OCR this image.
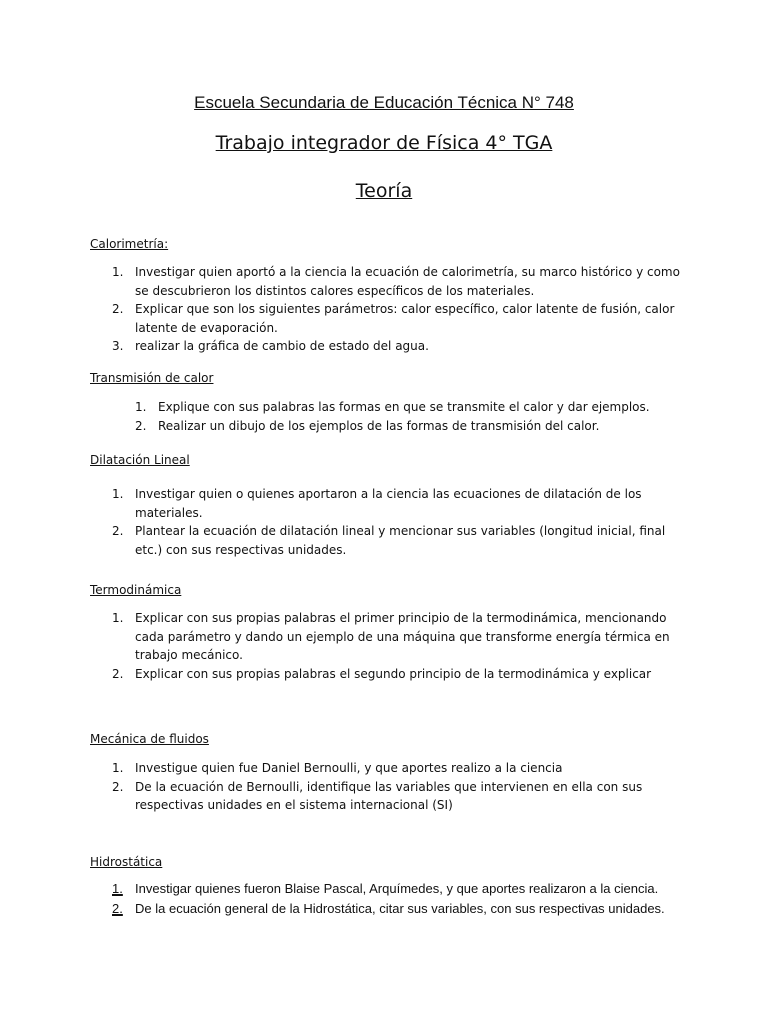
Escuela Secundaria de Educación Técnica N° 748
Trabajo integrador de Física 4° TGA
Teoría

Calorimetría:

1. Investigar quien aportó a la ciencia la ecuación de calorimetría, su marco histórico y como se descubrieron los distintos calores específicos de los materiales.
2. Explicar que son los siguientes parámetros: calor específico, calor latente de fusión, calor latente de evaporación.
3. realizar la gráfica de cambio de estado del agua.

Transmisión de calor

1. Explique con sus palabras las formas en que se transmite el calor y dar ejemplos.
2. Realizar un dibujo de los ejemplos de las formas de transmisión del calor.

Dilatación Lineal

1. Investigar quien o quienes aportaron a la ciencia las ecuaciones de dilatación de los materiales.
2. Plantear la ecuación de dilatación lineal y mencionar sus variables (longitud inicial, final etc.) con sus respectivas unidades.

Termodinámica

1. Explicar con sus propias palabras el primer principio de la termodinámica, mencionando cada parámetro y dando un ejemplo de una máquina que transforme energía térmica en trabajo mecánico.
2. Explicar con sus propias palabras el segundo principio de la termodinámica y explicar

Mecánica de fluidos

1. Investigue quien fue Daniel Bernoulli, y que aportes realizo a la ciencia
2. De la ecuación de Bernoulli, identifique las variables que intervienen en ella con sus respectivas unidades en el sistema internacional (SI)

Hidrostática

1. Investigar quienes fueron Blaise Pascal, Arquímedes, y que aportes realizaron a la ciencia.
2. De la ecuación general de la Hidrostática, citar sus variables, con sus respectivas unidades.
